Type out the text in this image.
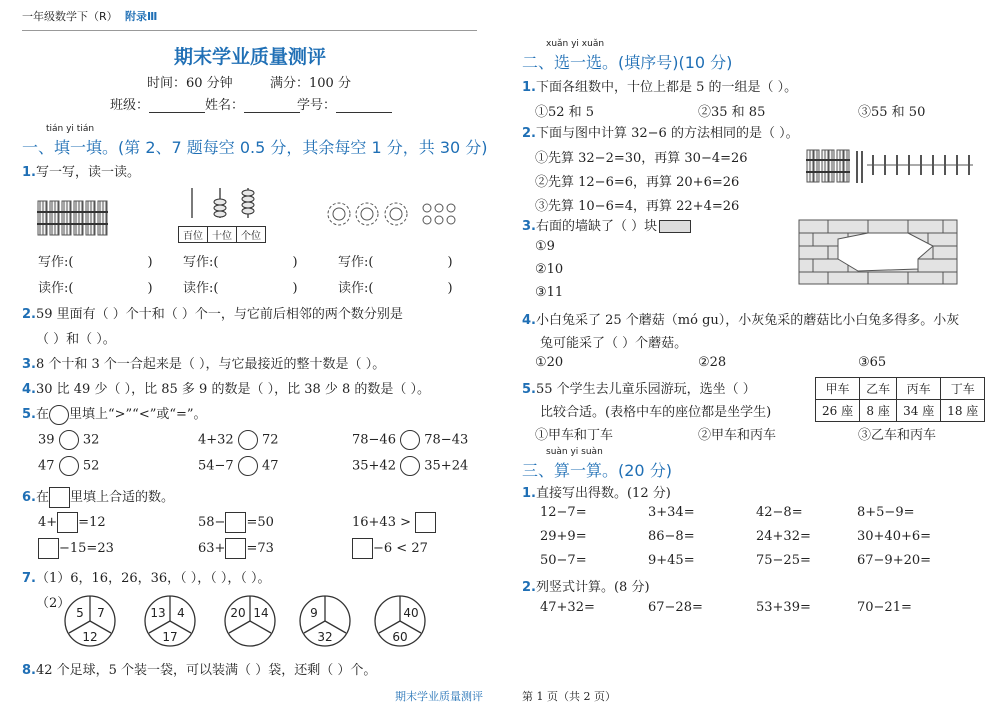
一年级数学下（R） 附录Ⅲ
期末学业质量测评
时间：60 分钟	满分：100 分
班级：	姓名：	学号：
tián yi tián
一、填一填。(第 2、7 题每空 0.5 分，其余每空 1 分，共 30 分)
1.写一写，读一读。
百位 十位 个位
写作:(	) 写作:(	)	写作:(	)
读作:(	) 读作:(	)	读作:(	)
2.59 里面有（ ）个十和（ ）个一，与它前后相邻的两个数分别是
（ ）和（ ）。
3.8 个十和 3 个一合起来是（ ），与它最接近的整十数是（ ）。
4.30 比 49 少（ ），比 85 多 9 的数是（ ），比 38 少 8 的数是（ ）。
5.在 里填上“>”“<”或“=”。
39 32	4+32 72	78−46 78−43
47 52	54−7 47	35+42 35+24
6.在 里填上合适的数。
4+ =12	58− =50	16+43 >
−15=23	63+ =73	−6 < 27
7.（1）6，16，26，36，（ ），（ ），（ ）。
（2）
5 7
12
13 4
17
20 14	9
32
40
60
8.42 个足球，5 个装一袋，可以装满（ ）袋，还剩（ ）个。
期末学业质量测评
xuǎn yi xuǎn
二、选一选。(填序号)(10 分)
1.下面各组数中，十位上都是 5 的一组是（ ）。
①52 和 5	②35 和 85	③55 和 50
2.下面与图中计算 32−6 的方法相同的是（ ）。
①先算 32−2=30，再算 30−4=26
②先算 12−6=6，再算 20+6=26
③先算 10−6=4，再算 22+4=26
3.右面的墙缺了（ ）块
①9
②10
③11
4.小白兔采了 25 个蘑菇（mó gu），小灰兔采的蘑菇比小白兔多得多。小灰
兔可能采了（ ）个蘑菇。
①20	②28	③65
5.55 个学生去儿童乐园游玩，选坐（ ）
比较合适。(表格中车的座位都是坐学生)
甲车	乙车	丙车	丁车
26 座	8 座	34 座	18 座
①甲车和丁车	②甲车和丙车	③乙车和丙车
suàn yi suàn
三、算一算。(20 分)
1.直接写出得数。(12 分)
12−7=	3+34=	42−8=	8+5−9=
29+9=	86−8=	24+32=	30+40+6=
50−7=	9+45=	75−25=	67−9+20=
2.列竖式计算。(8 分)
47+32=	67−28=	53+39=	70−21=
第 1 页（共 2 页）
